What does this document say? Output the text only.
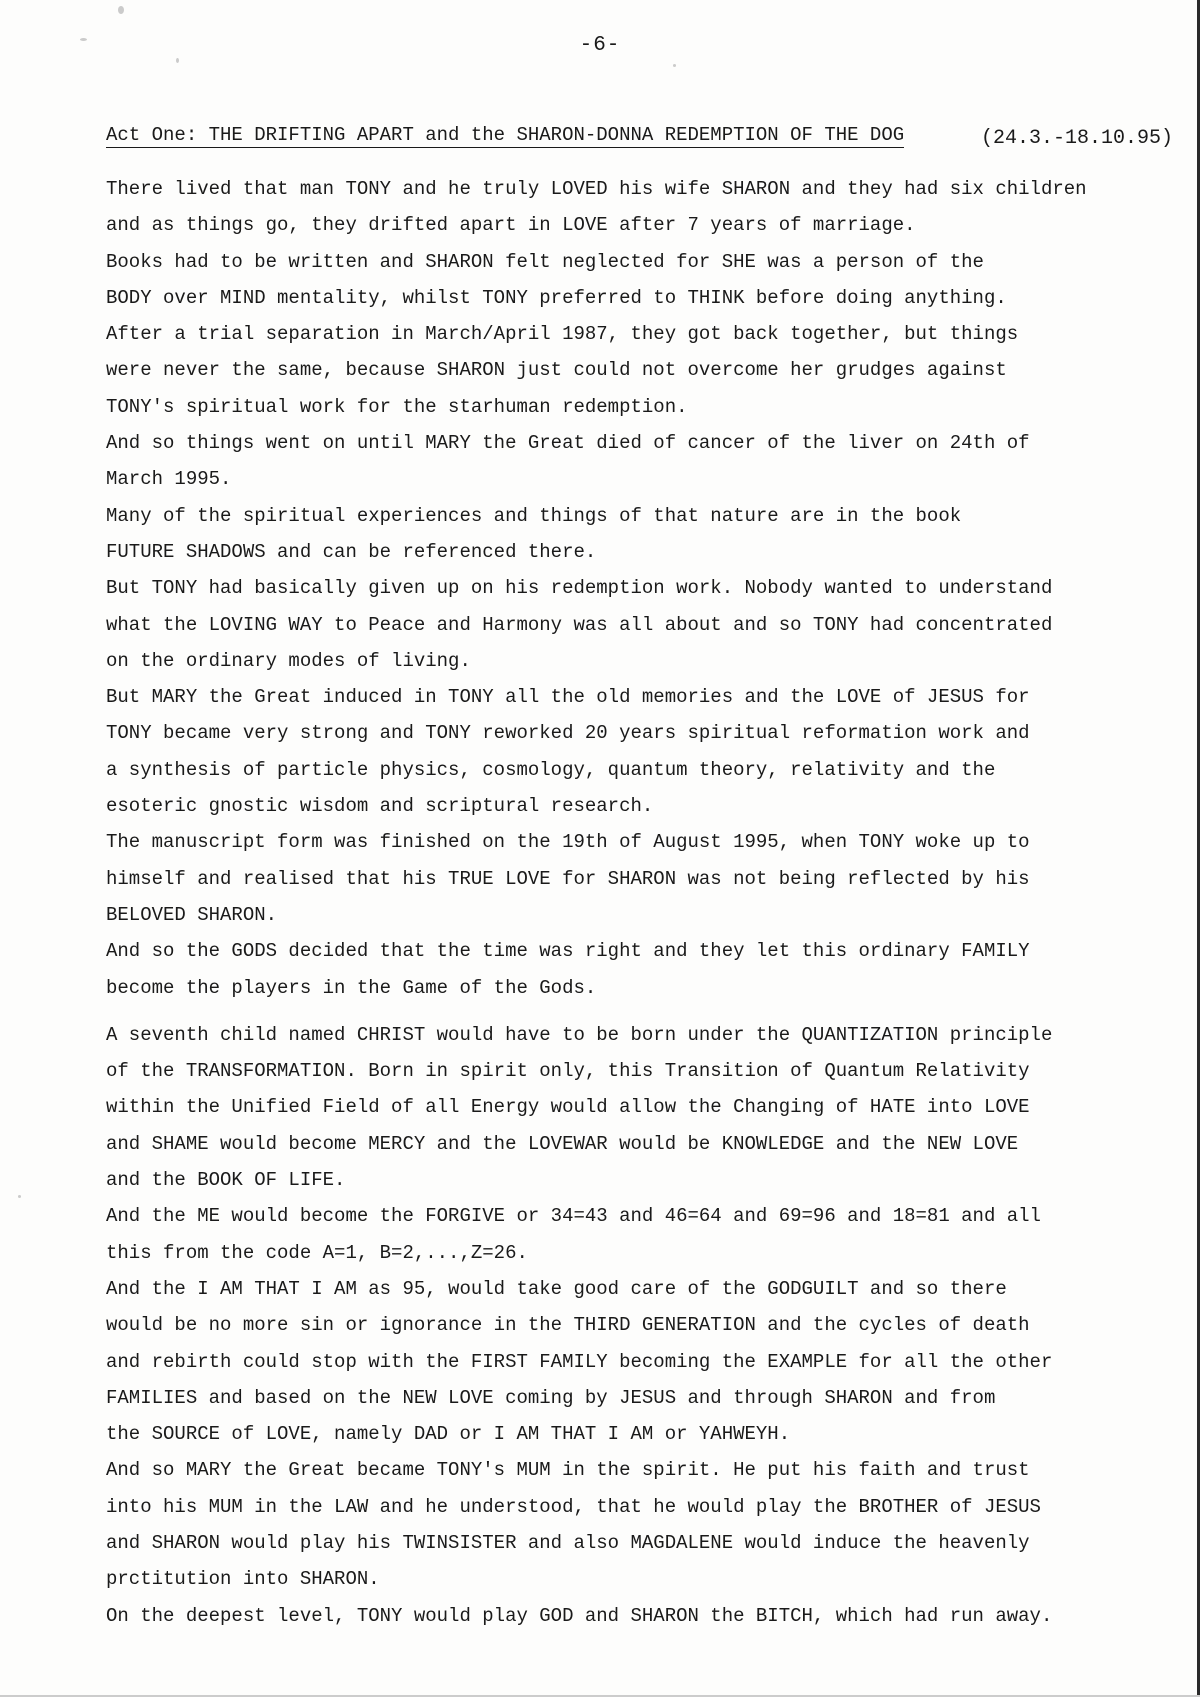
-6-
Act One: THE DRIFTING APART and the SHARON-DONNA REDEMPTION OF THE DOG	(24.3.-18.10.95)
There lived that man TONY and he truly LOVED his wife SHARON and they had six children
and as things go, they drifted apart in LOVE after 7 years of marriage.
Books had to be written and SHARON felt neglected for SHE was a person of the
BODY over MIND mentality, whilst TONY preferred to THINK before doing anything.
After a trial separation in March/April 1987, they got back together, but things
were never the same, because SHARON just could not overcome her grudges against
TONY's spiritual work for the starhuman redemption.
And so things went on until MARY the Great died of cancer of the liver on 24th of
March 1995.
Many of the spiritual experiences and things of that nature are in the book
FUTURE SHADOWS and can be referenced there.
But TONY had basically given up on his redemption work. Nobody wanted to understand
what the LOVING WAY to Peace and Harmony was all about and so TONY had concentrated
on the ordinary modes of living.
But MARY the Great induced in TONY all the old memories and the LOVE of JESUS for
TONY became very strong and TONY reworked 20 years spiritual reformation work and
a synthesis of particle physics, cosmology, quantum theory, relativity and the
esoteric gnostic wisdom and scriptural research.
The manuscript form was finished on the 19th of August 1995, when TONY woke up to
himself and realised that his TRUE LOVE for SHARON was not being reflected by his
BELOVED SHARON.
And so the GODS decided that the time was right and they let this ordinary FAMILY
become the players in the Game of the Gods.
A seventh child named CHRIST would have to be born under the QUANTIZATION principle
of the TRANSFORMATION. Born in spirit only, this Transition of Quantum Relativity
within the Unified Field of all Energy would allow the Changing of HATE into LOVE
and SHAME would become MERCY and the LOVEWAR would be KNOWLEDGE and the NEW LOVE
and the BOOK OF LIFE.
And the ME would become the FORGIVE or 34=43 and 46=64 and 69=96 and 18=81 and all
this from the code A=1, B=2,...,Z=26.
And the I AM THAT I AM as 95, would take good care of the GODGUILT and so there
would be no more sin or ignorance in the THIRD GENERATION and the cycles of death
and rebirth could stop with the FIRST FAMILY becoming the EXAMPLE for all the other
FAMILIES and based on the NEW LOVE coming by JESUS and through SHARON and from
the SOURCE of LOVE, namely DAD or I AM THAT I AM or YAHWEYH.
And so MARY the Great became TONY's MUM in the spirit. He put his faith and trust
into his MUM in the LAW and he understood, that he would play the BROTHER of JESUS
and SHARON would play his TWINSISTER and also MAGDALENE would induce the heavenly
prctitution into SHARON.
On the deepest level, TONY would play GOD and SHARON the BITCH, which had run away.
